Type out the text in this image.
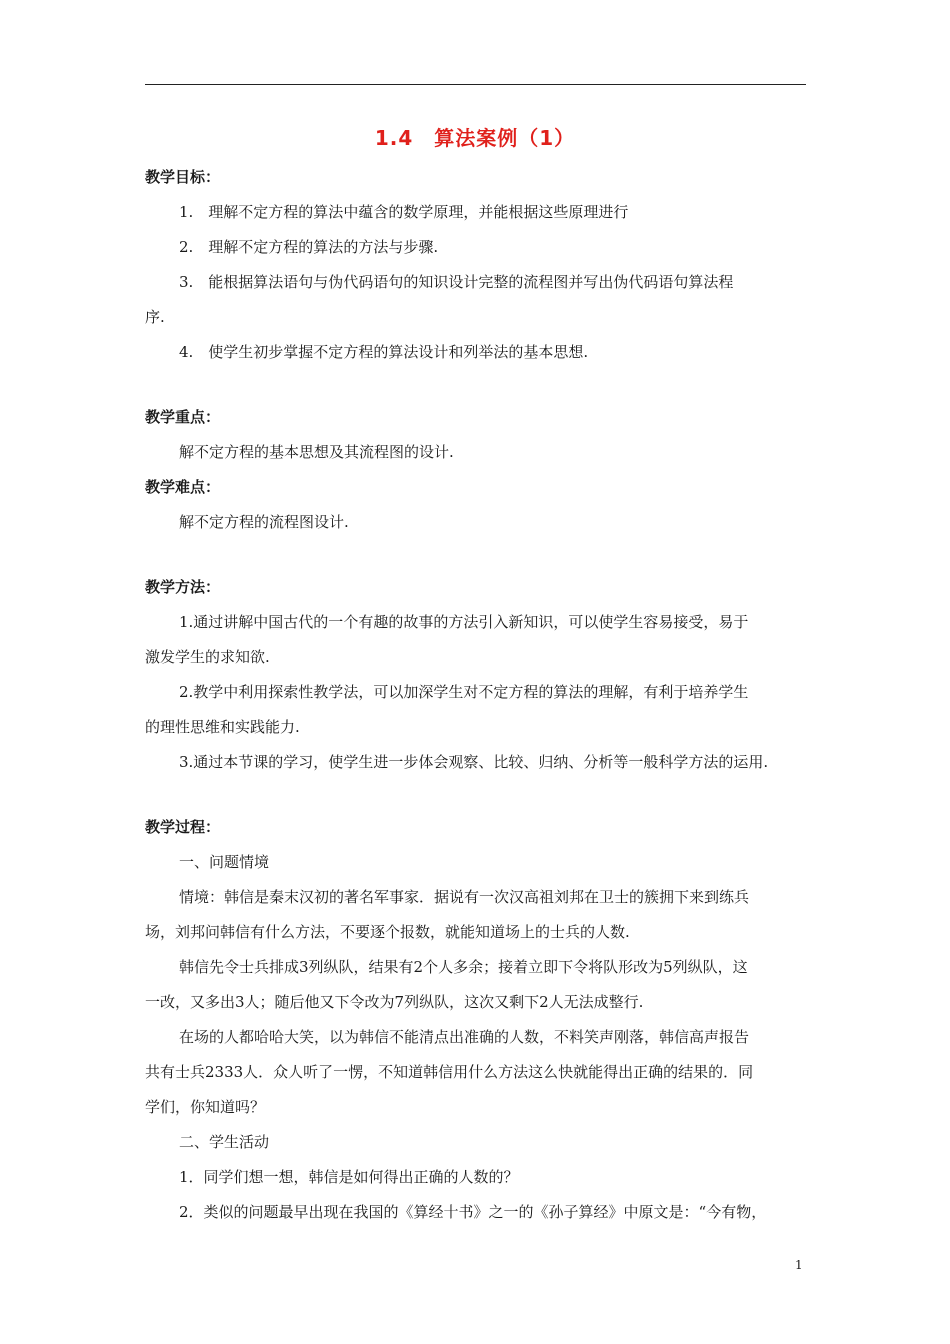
1.4　算法案例（1）
教学目标：
1.　理解不定方程的算法中蕴含的数学原理，并能根据这些原理进行
2.　理解不定方程的算法的方法与步骤.
3.　能根据算法语句与伪代码语句的知识设计完整的流程图并写出伪代码语句算法程
序.
4.　使学生初步掌握不定方程的算法设计和列举法的基本思想.
教学重点：
解不定方程的基本思想及其流程图的设计.
教学难点：
解不定方程的流程图设计.
教学方法：
1.通过讲解中国古代的一个有趣的故事的方法引入新知识，可以使学生容易接受，易于
激发学生的求知欲.
2.教学中利用探索性教学法，可以加深学生对不定方程的算法的理解，有利于培养学生
的理性思维和实践能力.
3.通过本节课的学习，使学生进一步体会观察、比较、归纳、分析等一般科学方法的运用.
教学过程：
一、问题情境
情境：韩信是秦末汉初的著名军事家．据说有一次汉高祖刘邦在卫士的簇拥下来到练兵
场，刘邦问韩信有什么方法，不要逐个报数，就能知道场上的士兵的人数.
韩信先令士兵排成3列纵队，结果有2个人多余；接着立即下令将队形改为5列纵队，这
一改，又多出3人；随后他又下令改为7列纵队，这次又剩下2人无法成整行.
在场的人都哈哈大笑，以为韩信不能清点出准确的人数，不料笑声刚落，韩信高声报告
共有士兵2333人．众人听了一愣，不知道韩信用什么方法这么快就能得出正确的结果的．同
学们，你知道吗？
二、学生活动
1．同学们想一想，韩信是如何得出正确的人数的？
2．类似的问题最早出现在我国的《算经十书》之一的《孙子算经》中原文是：“今有物，
1
